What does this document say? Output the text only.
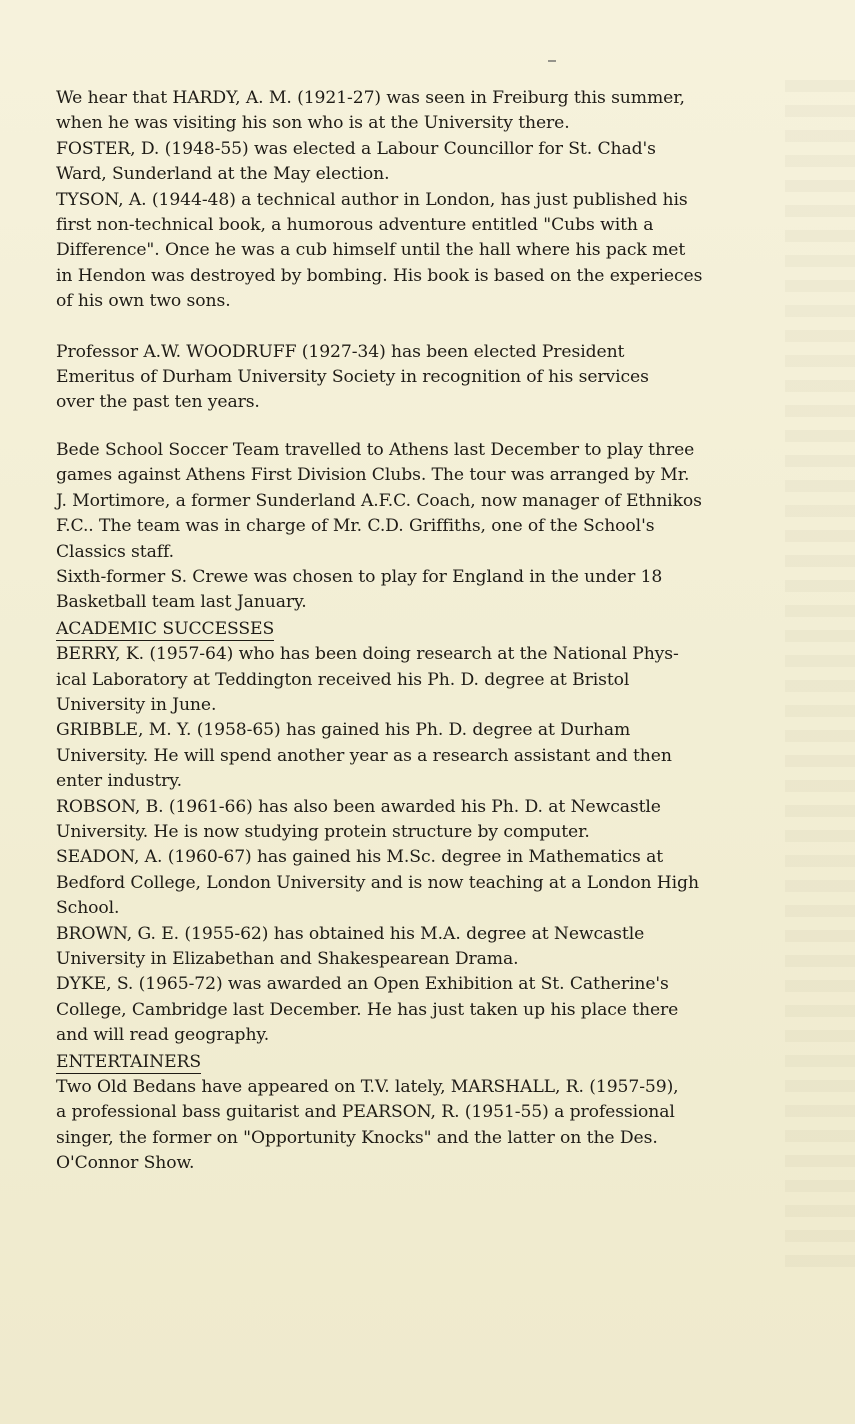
We hear that HARDY, A. M. (1921-27) was seen in Freiburg this summer,
when he was visiting his son who is at the University there.
FOSTER, D. (1948-55) was elected a Labour Councillor for St. Chad's
Ward, Sunderland at the May election.
TYSON, A. (1944-48) a technical author in London, has just published his
first non-technical book, a humorous adventure entitled "Cubs with a
Difference". Once he was a cub himself until the hall where his pack met
in Hendon was destroyed by bombing. His book is based on the experieces
of his own two sons.
Professor A.W. WOODRUFF (1927-34) has been elected President
Emeritus of Durham University Society in recognition of his services
over the past ten years.
Bede School Soccer Team travelled to Athens last December to play three
games against Athens First Division Clubs. The tour was arranged by Mr.
J. Mortimore, a former Sunderland A.F.C. Coach, now manager of Ethnikos
F.C.. The team was in charge of Mr. C.D. Griffiths, one of the School's
Classics staff.
Sixth-former S. Crewe was chosen to play for England in the under 18
Basketball team last January.
ACADEMIC SUCCESSES
BERRY, K. (1957-64) who has been doing research at the National Phys-
ical Laboratory at Teddington received his Ph. D. degree at Bristol
University in June.
GRIBBLE, M. Y. (1958-65) has gained his Ph. D. degree at Durham
University. He will spend another year as a research assistant and then
enter industry.
ROBSON, B. (1961-66) has also been awarded his Ph. D. at Newcastle
University. He is now studying protein structure by computer.
SEADON, A. (1960-67) has gained his M.Sc. degree in Mathematics at
Bedford College, London University and is now teaching at a London High
School.
BROWN, G. E. (1955-62) has obtained his M.A. degree at Newcastle
University in Elizabethan and Shakespearean Drama.
DYKE, S. (1965-72) was awarded an Open Exhibition at St. Catherine's
College, Cambridge last December. He has just taken up his place there
and will read geography.
ENTERTAINERS
Two Old Bedans have appeared on T.V. lately, MARSHALL, R. (1957-59),
a professional bass guitarist and PEARSON, R. (1951-55) a professional
singer, the former on "Opportunity Knocks" and the latter on the Des.
O'Connor Show.
